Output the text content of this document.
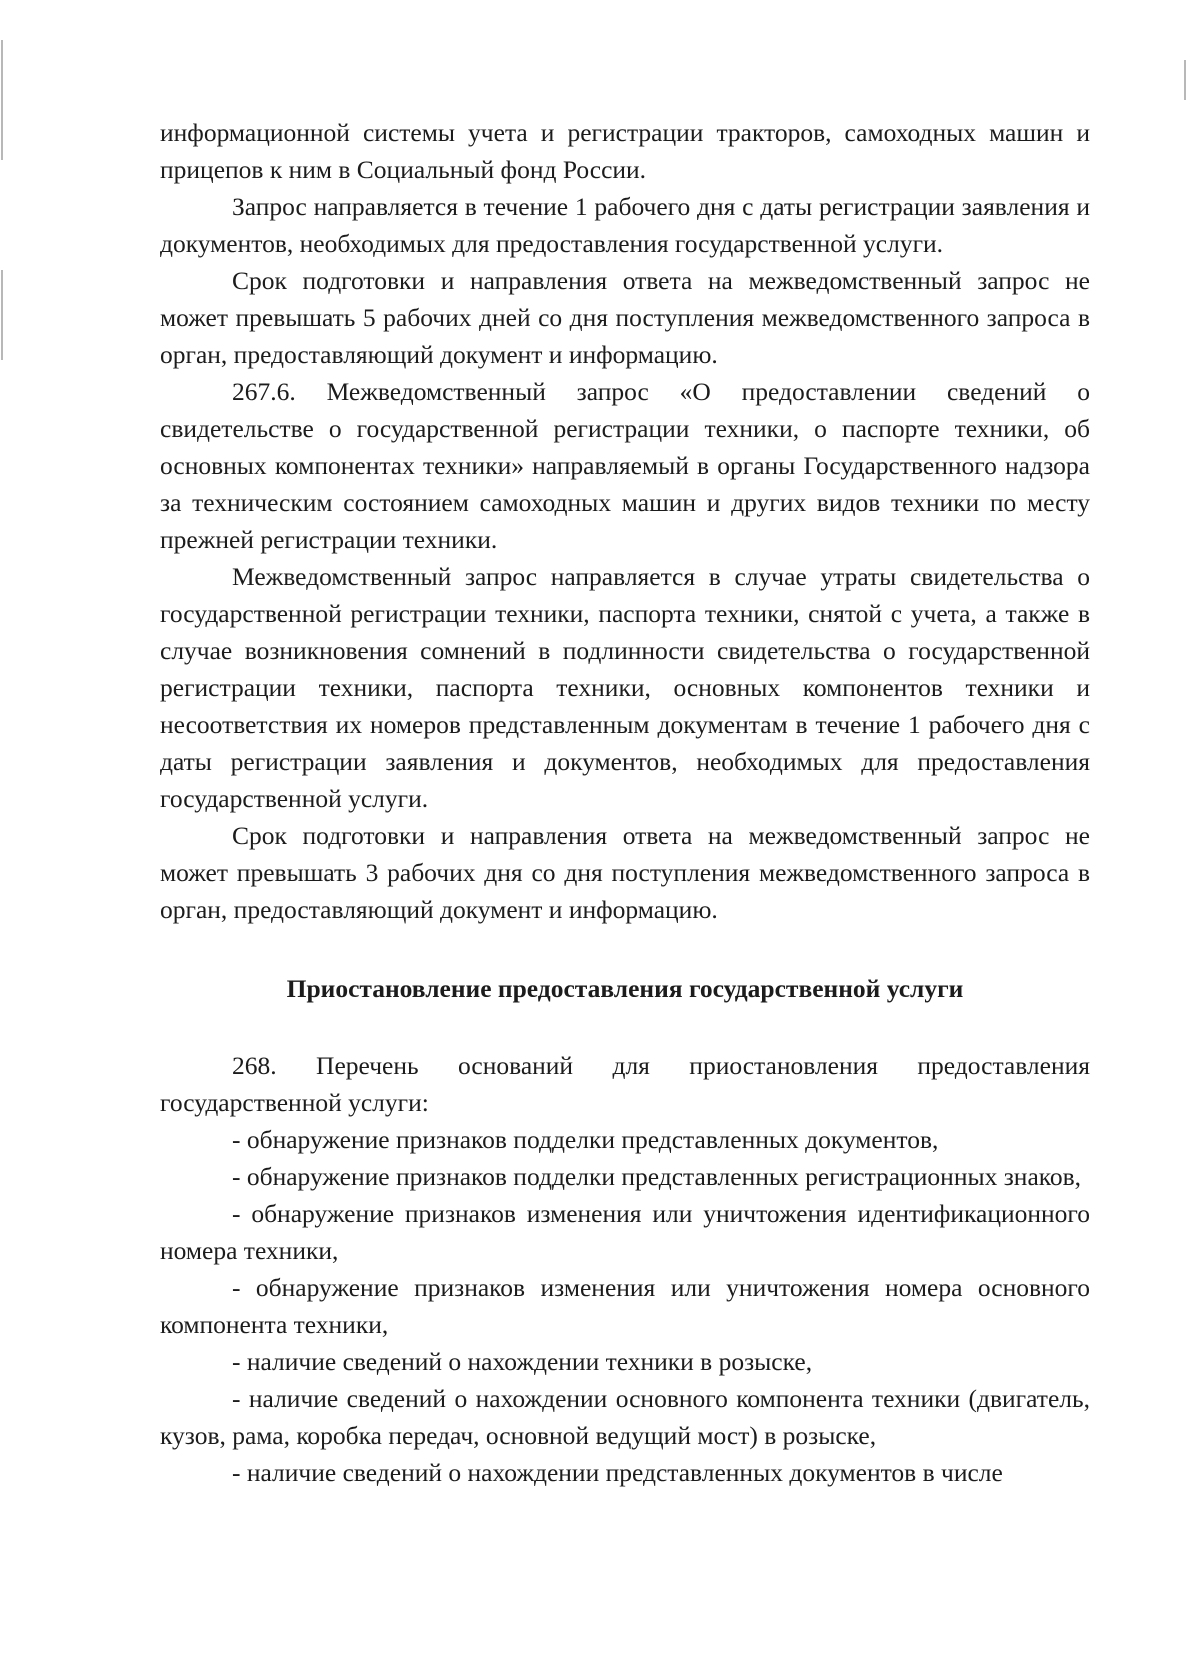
информационной системы учета и регистрации тракторов, самоходных машин и прицепов к ним в Социальный фонд России.

Запрос направляется в течение 1 рабочего дня с даты регистрации заявления и документов, необходимых для предоставления государственной услуги.

Срок подготовки и направления ответа на межведомственный запрос не может превышать 5 рабочих дней со дня поступления межведомственного запроса в орган, предоставляющий документ и информацию.

267.6. Межведомственный запрос «О предоставлении сведений о свидетельстве о государственной регистрации техники, о паспорте техники, об основных компонентах техники» направляемый в органы Государственного надзора за техническим состоянием самоходных машин и других видов техники по месту прежней регистрации техники.

Межведомственный запрос направляется в случае утраты свидетельства о государственной регистрации техники, паспорта техники, снятой с учета, а также в случае возникновения сомнений в подлинности свидетельства о государственной регистрации техники, паспорта техники, основных компонентов техники и несоответствия их номеров представленным документам в течение 1 рабочего дня с даты регистрации заявления и документов, необходимых для предоставления государственной услуги.

Срок подготовки и направления ответа на межведомственный запрос не может превышать 3 рабочих дня со дня поступления межведомственного запроса в орган, предоставляющий документ и информацию.

Приостановление предоставления государственной услуги

268. Перечень оснований для приостановления предоставления государственной услуги:

- обнаружение признаков подделки представленных документов,

- обнаружение признаков подделки представленных регистрационных знаков,

- обнаружение признаков изменения или уничтожения идентификационного номера техники,

- обнаружение признаков изменения или уничтожения номера основного компонента техники,

- наличие сведений о нахождении техники в розыске,

- наличие сведений о нахождении основного компонента техники (двигатель, кузов, рама, коробка передач, основной ведущий мост) в розыске,

- наличие сведений о нахождении представленных документов в числе
